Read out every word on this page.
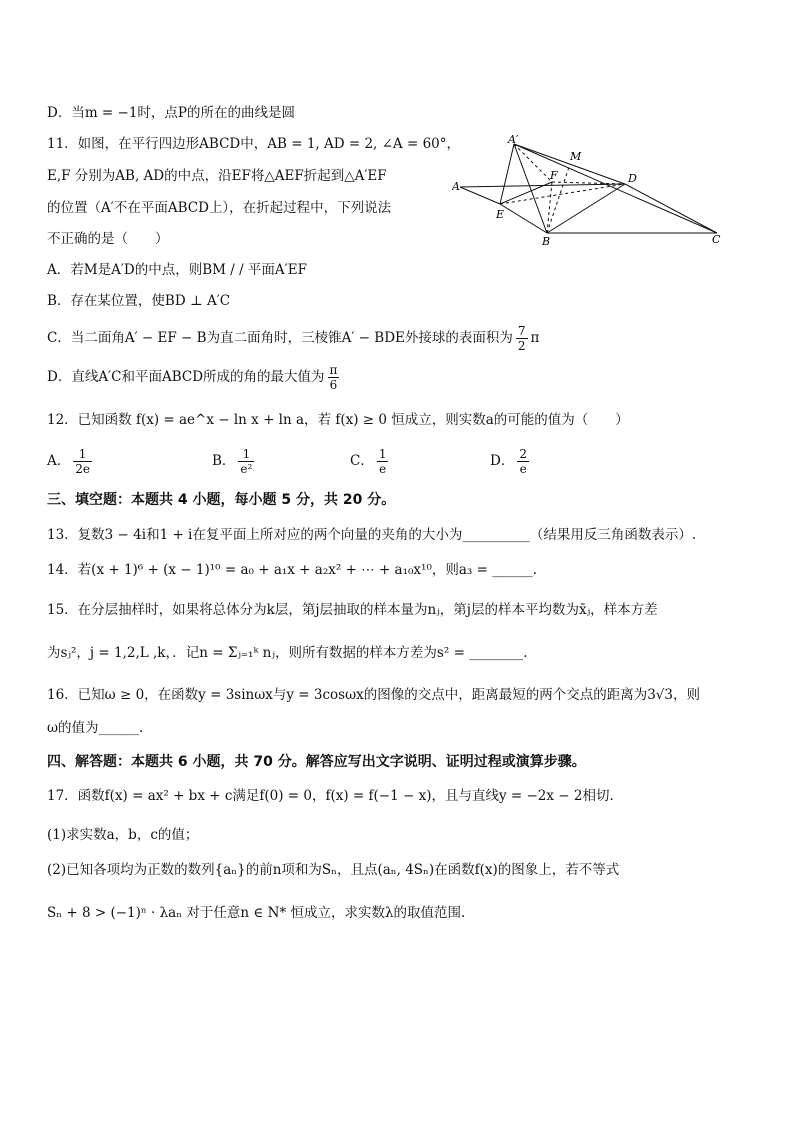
D．当m = −1时，点P的所在的曲线是圆
11．如图，在平行四边形ABCD中，AB = 1, AD = 2, ∠A = 60°，
E,F 分别为AB, AD的中点，沿EF将△AEF折起到△A′EF
的位置（A′不在平面ABCD上），在折起过程中，下列说法
不正确的是（　　）
A′
M
F	D
A
E
B	C
A．若M是A′D的中点，则BM / / 平面A′EF
B．存在某位置，使BD ⊥ A′C
C．当二面角A′ − EF − B为直二面角时，三棱锥A′ − BDE外接球的表面积为 $\frac{7}{2}$ π
D．直线A′C和平面ABCD所成的角的最大值为 $\frac{\pi}{6}$
12．已知函数 f(x) = ae^x − ln x + ln a，若 f(x) ≥ 0 恒成立，则实数a的可能的值为（　　）
A． $\frac{1}{2e}$	B． $\frac{1}{\text{e²}}$	C． $\frac{1}{e}$	D． $\frac{2}{e}$
三、填空题：本题共 4 小题，每小题 5 分，共 20 分。
13．复数3 − 4i和1 + i在复平面上所对应的两个向量的夹角的大小为__________（结果用反三角函数表示）.
14．若(x + 1)⁶ + (x − 1)¹⁰ = a₀ + a₁x + a₂x² + ⋯ + a₁₀x¹⁰，则a₃ = ______.
15．在分层抽样时，如果将总体分为k层，第j层抽取的样本量为nⱼ，第j层的样本平均数为x̄ⱼ，样本方差
为sⱼ²，j = 1,2,L ,k，．记n = Σⱼ₌₁ᵏ nⱼ，则所有数据的样本方差为s² = ________.
16．已知ω ≥ 0，在函数y = 3sinωx与y = 3cosωx的图像的交点中，距离最短的两个交点的距离为3√3，则
ω的值为______.
四、解答题：本题共 6 小题，共 70 分。解答应写出文字说明、证明过程或演算步骤。
17．函数f(x) = ax² + bx + c满足f(0) = 0，f(x) = f(−1 − x)，且与直线y = −2x − 2相切.
(1)求实数a，b，c的值；
(2)已知各项均为正数的数列{aₙ}的前n项和为Sₙ，且点(aₙ, 4Sₙ)在函数f(x)的图象上，若不等式
Sₙ + 8 > (−1)ⁿ · λaₙ 对于任意n ∈ N* 恒成立，求实数λ的取值范围.
